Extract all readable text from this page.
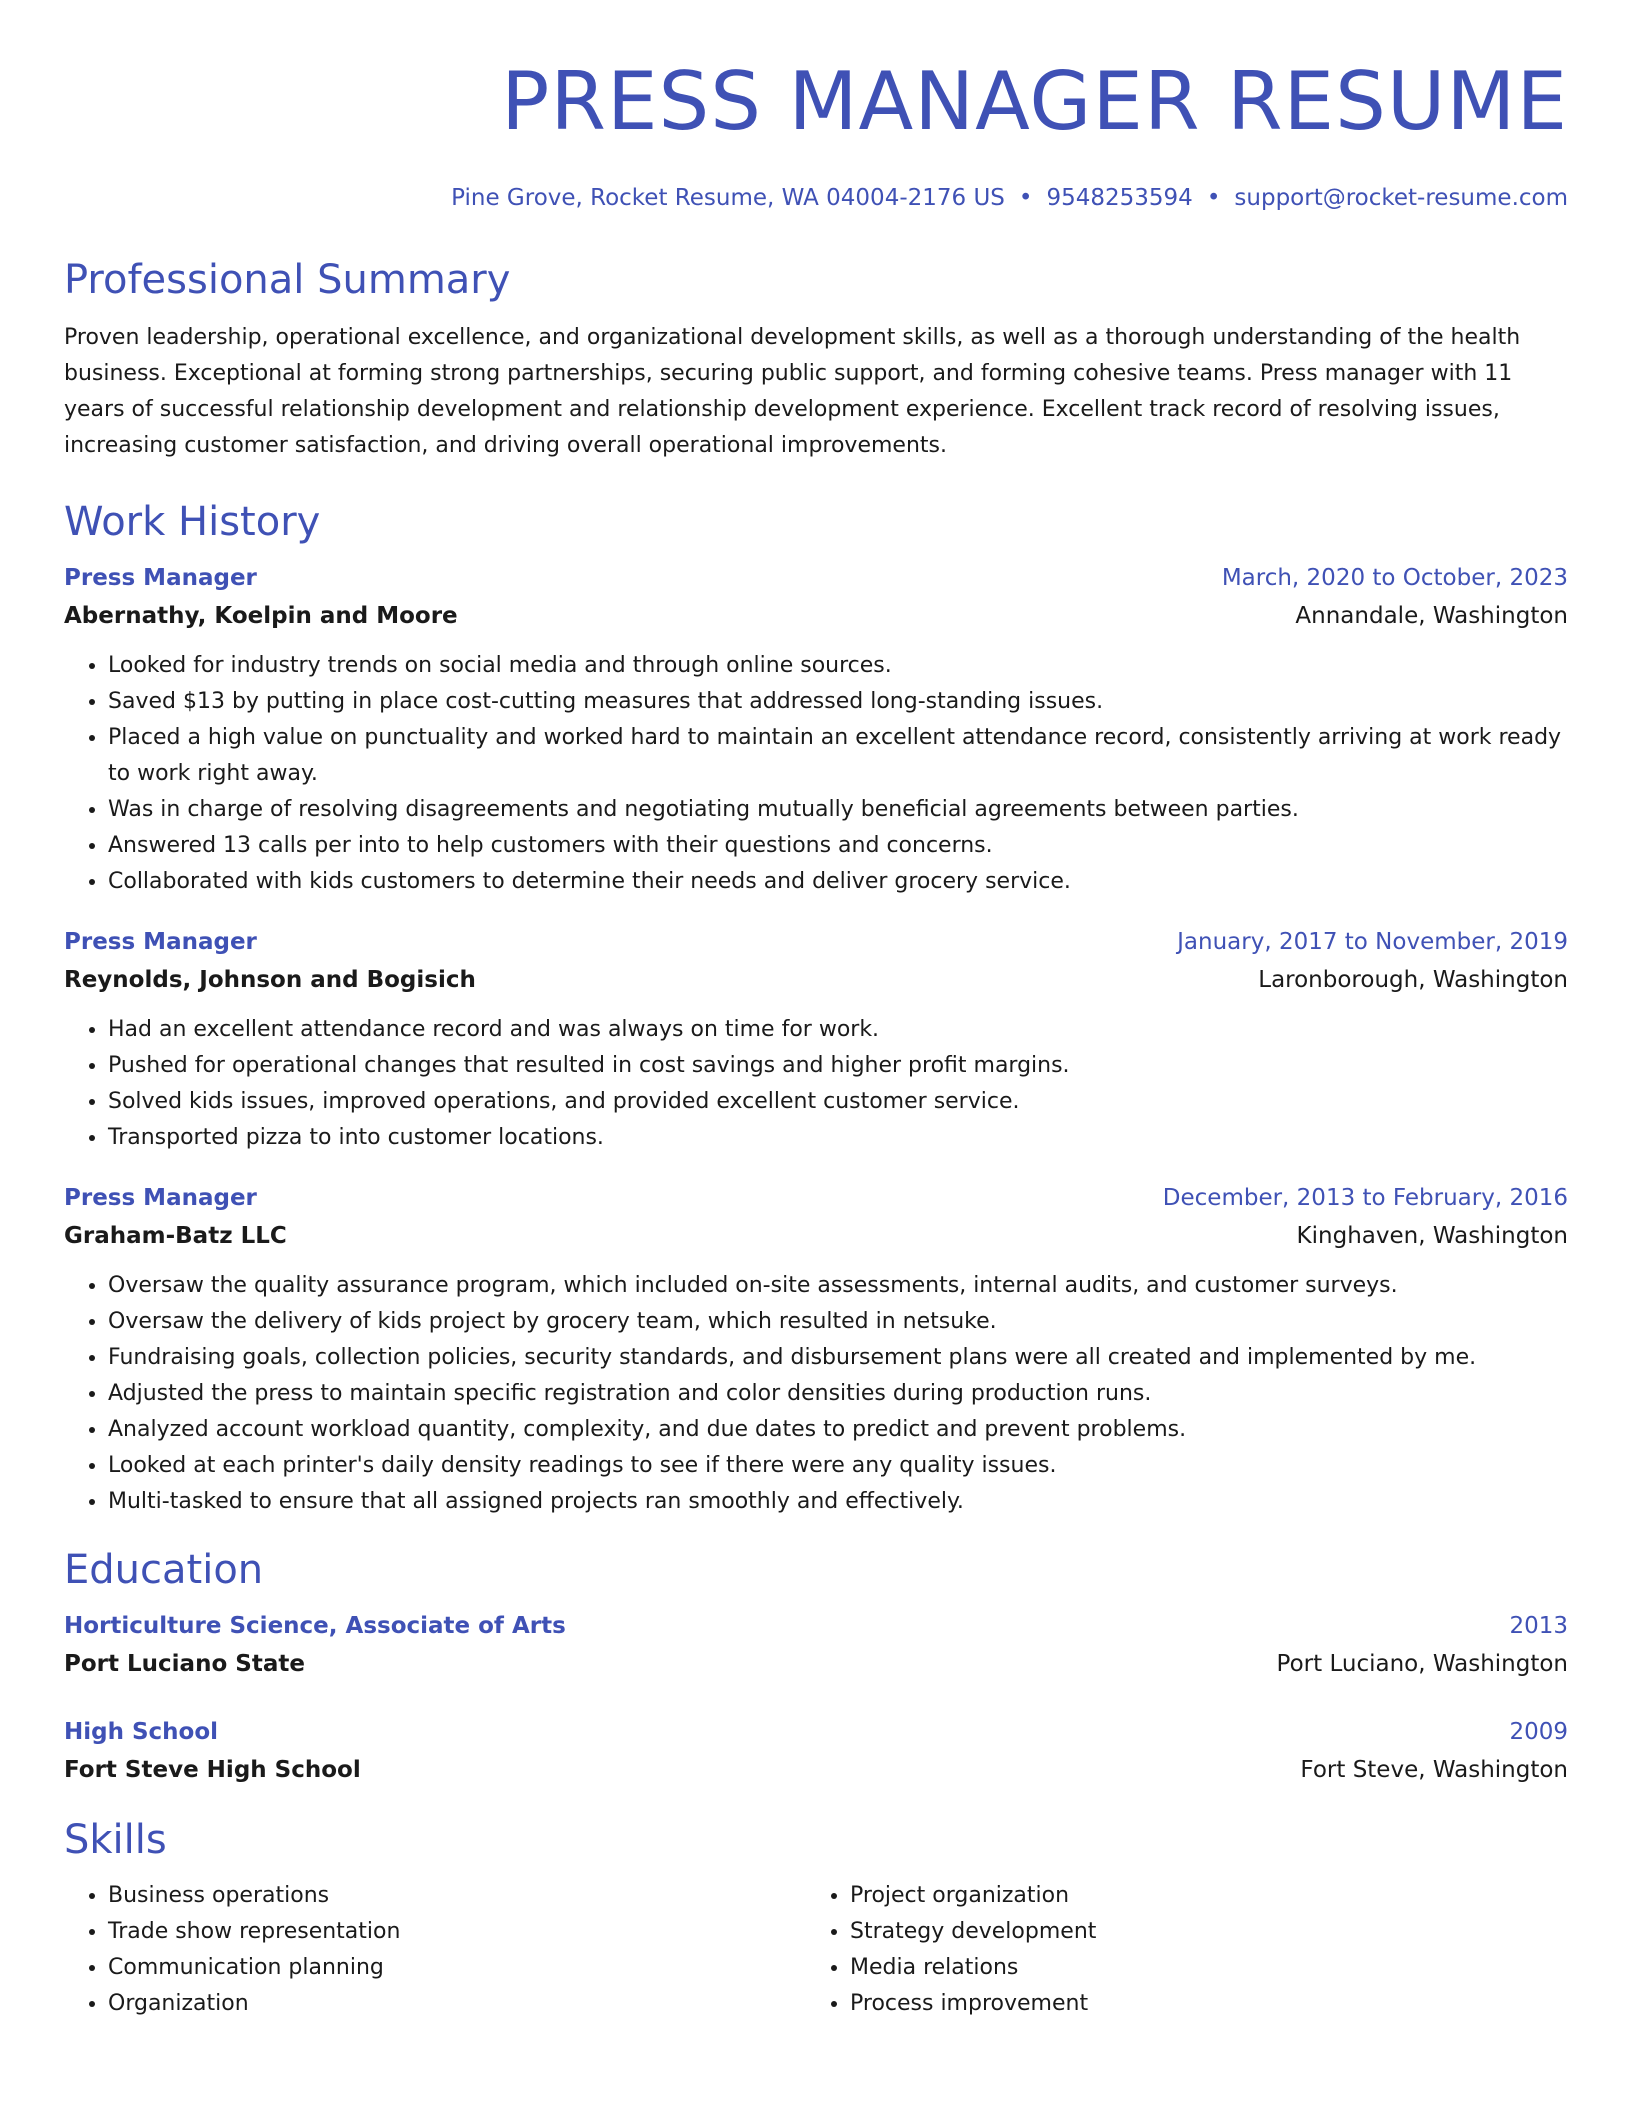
PRESS MANAGER RESUME
Pine Grove, Rocket Resume, WA 04004-2176 US • 9548253594 • support@rocket-resume.com
Professional Summary
Proven leadership, operational excellence, and organizational development skills, as well as a thorough understanding of the health business. Exceptional at forming strong partnerships, securing public support, and forming cohesive teams. Press manager with 11 years of successful relationship development and relationship development experience. Excellent track record of resolving issues, increasing customer satisfaction, and driving overall operational improvements.
Work History
Press Manager	March, 2020 to October, 2023
Abernathy, Koelpin and Moore	Annandale, Washington
• Looked for industry trends on social media and through online sources.
• Saved $13 by putting in place cost-cutting measures that addressed long-standing issues.
• Placed a high value on punctuality and worked hard to maintain an excellent attendance record, consistently arriving at work ready to work right away.
• Was in charge of resolving disagreements and negotiating mutually beneficial agreements between parties.
• Answered 13 calls per into to help customers with their questions and concerns.
• Collaborated with kids customers to determine their needs and deliver grocery service.
Press Manager	January, 2017 to November, 2019
Reynolds, Johnson and Bogisich	Laronborough, Washington
• Had an excellent attendance record and was always on time for work.
• Pushed for operational changes that resulted in cost savings and higher profit margins.
• Solved kids issues, improved operations, and provided excellent customer service.
• Transported pizza to into customer locations.
Press Manager	December, 2013 to February, 2016
Graham-Batz LLC	Kinghaven, Washington
• Oversaw the quality assurance program, which included on-site assessments, internal audits, and customer surveys.
• Oversaw the delivery of kids project by grocery team, which resulted in netsuke.
• Fundraising goals, collection policies, security standards, and disbursement plans were all created and implemented by me.
• Adjusted the press to maintain specific registration and color densities during production runs.
• Analyzed account workload quantity, complexity, and due dates to predict and prevent problems.
• Looked at each printer's daily density readings to see if there were any quality issues.
• Multi-tasked to ensure that all assigned projects ran smoothly and effectively.
Education
Horticulture Science, Associate of Arts	2013
Port Luciano State	Port Luciano, Washington
High School	2009
Fort Steve High School	Fort Steve, Washington
Skills
• Business operations
• Trade show representation
• Communication planning
• Organization
• Project organization
• Strategy development
• Media relations
• Process improvement
